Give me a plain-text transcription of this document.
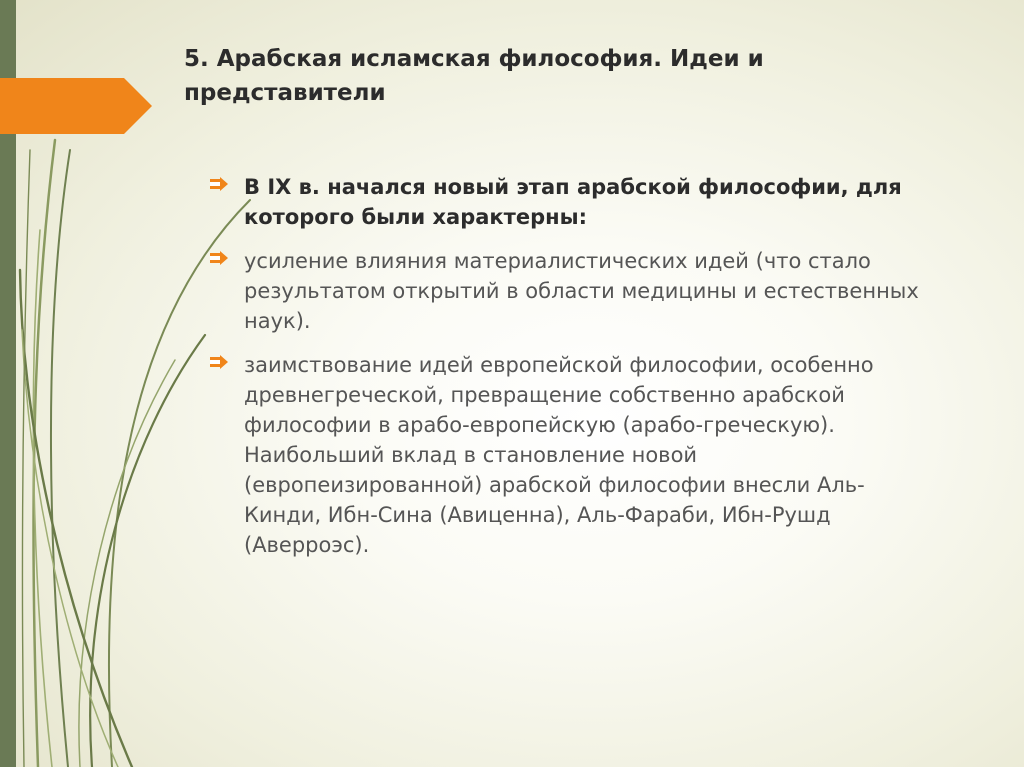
5. Арабская исламская философия. Идеи и представители
В IX в. начался новый этап арабской философии, для которого были характерны:
усиление влияния материалистических идей (что стало результатом открытий в области медицины и естественных наук).
заимствование идей европейской философии, особенно древнегреческой, превращение собственно арабской философии в арабо-европейскую (арабо-греческую). Наибольший вклад в становление новой (европеизированной) арабской философии внесли Аль-Кинди, Ибн-Сина (Авиценна), Аль-Фараби, Ибн-Рушд (Аверроэс).
